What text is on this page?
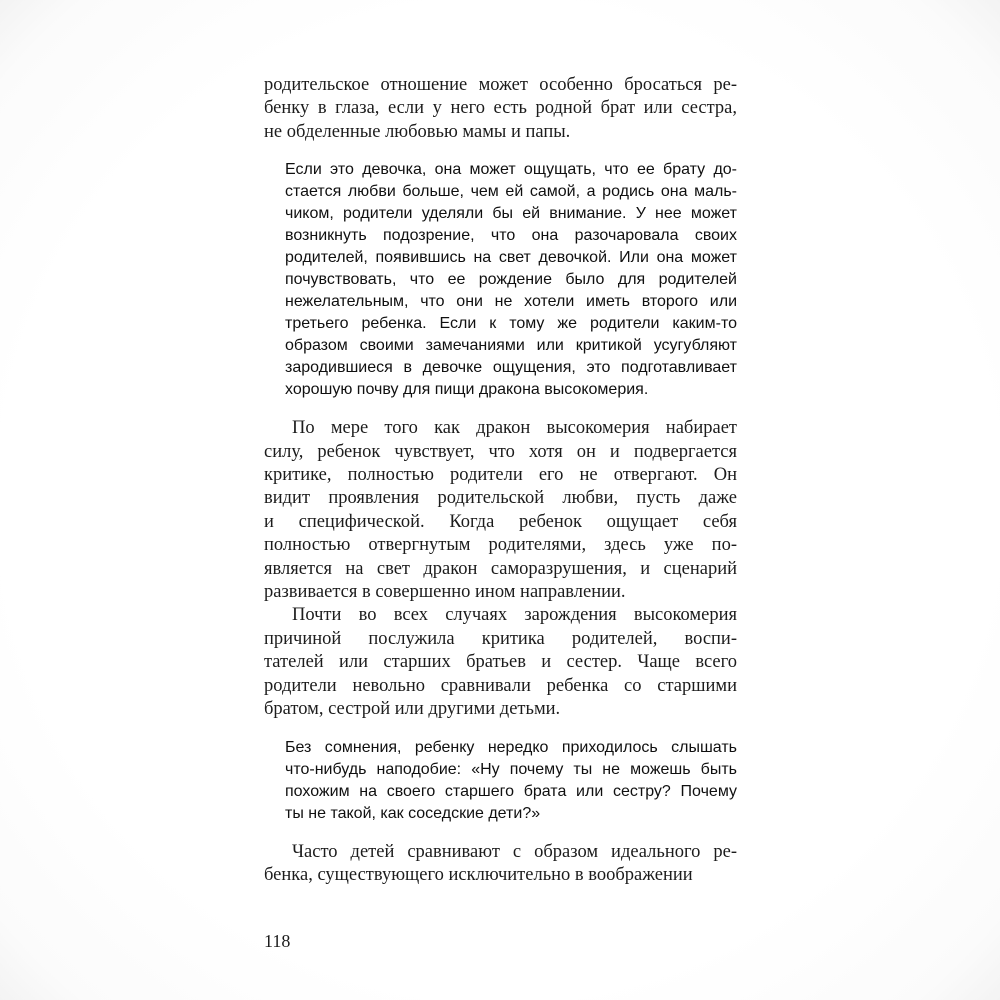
родительское отношение может особенно бросаться ре-
бенку в глаза, если у него есть родной брат или сестра,
не обделенные любовью мамы и папы.
Если это девочка, она может ощущать, что ее брату до-
стается любви больше, чем ей самой, а родись она маль-
чиком, родители уделяли бы ей внимание. У нее может
возникнуть подозрение, что она разочаровала своих
родителей, появившись на свет девочкой. Или она может
почувствовать, что ее рождение было для родителей
нежелательным, что они не хотели иметь второго или
третьего ребенка. Если к тому же родители каким-то
образом своими замечаниями или критикой усугубляют
зародившиеся в девочке ощущения, это подготавливает
хорошую почву для пищи дракона высокомерия.
По мере того как дракон высокомерия набирает
силу, ребенок чувствует, что хотя он и подвергается
критике, полностью родители его не отвергают. Он
видит проявления родительской любви, пусть даже
и специфической. Когда ребенок ощущает себя
полностью отвергнутым родителями, здесь уже по-
является на свет дракон саморазрушения, и сценарий
развивается в совершенно ином направлении.
Почти во всех случаях зарождения высокомерия
причиной послужила критика родителей, воспи-
тателей или старших братьев и сестер. Чаще всего
родители невольно сравнивали ребенка со старшими
братом, сестрой или другими детьми.
Без сомнения, ребенку нередко приходилось слышать
что-нибудь наподобие: «Ну почему ты не можешь быть
похожим на своего старшего брата или сестру? Почему
ты не такой, как соседские дети?»
Часто детей сравнивают с образом идеального ре-
бенка, существующего исключительно в воображении
118
